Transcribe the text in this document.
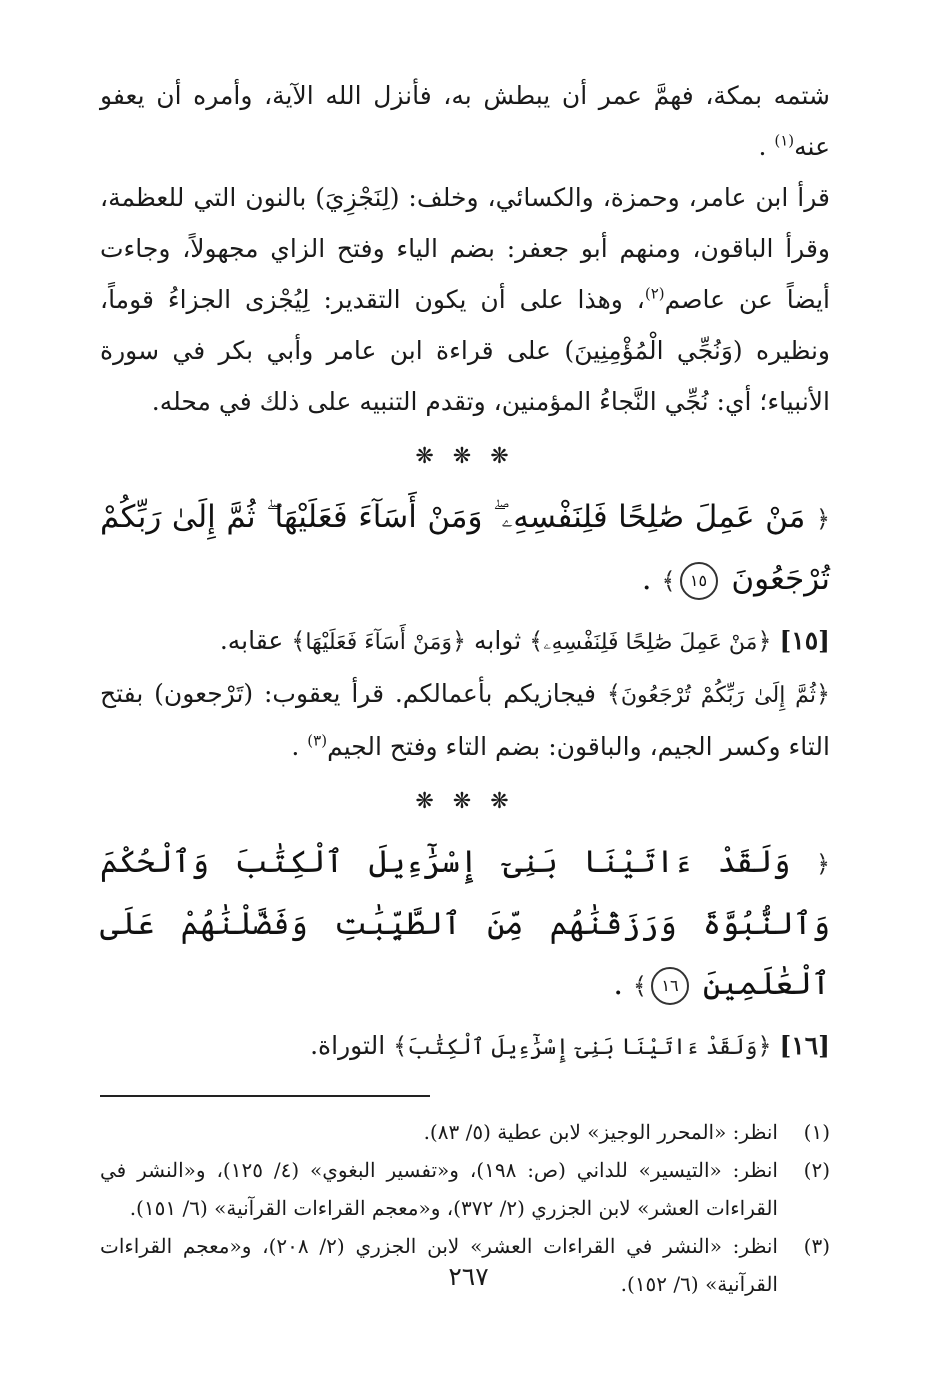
شتمه بمكة، فهمَّ عمر أن يبطش به، فأنزل الله الآية، وأمره أن يعفو عنه$^{(١)}$ .

قرأ ابن عامر، وحمزة، والكسائي، وخلف: (لِنَجْزِيَ) بالنون التي للعظمة، وقرأ الباقون، ومنهم أبو جعفر: بضم الياء وفتح الزاي مجهولاً، وجاءت أيضاً عن عاصم$^{(٢)}$، وهذا على أن يكون التقدير: لِيُجْزى الجزاءُ قوماً، ونظيره (وَنُجِّي الْمُؤْمِنِينَ) على قراءة ابن عامر وأبي بكر في سورة الأنبياء؛ أي: نُجِّي النَّجاءُ المؤمنين، وتقدم التنبيه على ذلك في محله.

❋ ❋ ❋

﴿ مَنْ عَمِلَ صَٰلِحًا فَلِنَفْسِهِۦ ۖ وَمَنْ أَسَآءَ فَعَلَيْهَا ۖ ثُمَّ إِلَىٰ رَبِّكُمْ تُرْجَعُونَ ١٥﴾ .

[١٥] ﴿مَنْ عَمِلَ صَٰلِحًا فَلِنَفْسِهِۦ﴾ ثوابه ﴿وَمَنْ أَسَآءَ فَعَلَيْهَا﴾ عقابه.

﴿ثُمَّ إِلَىٰ رَبِّكُمْ تُرْجَعُونَ﴾ فيجازيكم بأعمالكم. قرأ يعقوب: (تَرْجعون) بفتح التاء وكسر الجيم، والباقون: بضم التاء وفتح الجيم$^{(٣)}$ .

❋ ❋ ❋

﴿ وَلَقَدْ ءَاتَيْنَا بَنِىٓ إِسْرَٰٓءِيلَ ٱلْكِتَٰبَ وَٱلْحُكْمَ وَٱلنُّبُوَّةَ وَرَزَقْنَٰهُم مِّنَ ٱلطَّيِّبَٰتِ وَفَضَّلْنَٰهُمْ عَلَى ٱلْعَٰلَمِينَ ١٦﴾ .

[١٦] ﴿وَلَقَدْ ءَاتَيْنَا بَنِىٓ إِسْرَٰٓءِيلَ ٱلْكِتَٰبَ﴾ التوراة.

(١)
انظر: «المحرر الوجيز» لابن عطية (٥/ ٨٣).

(٢)
انظر: «التيسير» للداني (ص: ١٩٨)، و«تفسير البغوي» (٤/ ١٢٥)، و«النشر في القراءات العشر» لابن الجزري (٢/ ٣٧٢)، و«معجم القراءات القرآنية» (٦/ ١٥١).

(٣)
انظر: «النشر في القراءات العشر» لابن الجزري (٢/ ٢٠٨)، و«معجم القراءات القرآنية» (٦/ ١٥٢).

٢٦٧
